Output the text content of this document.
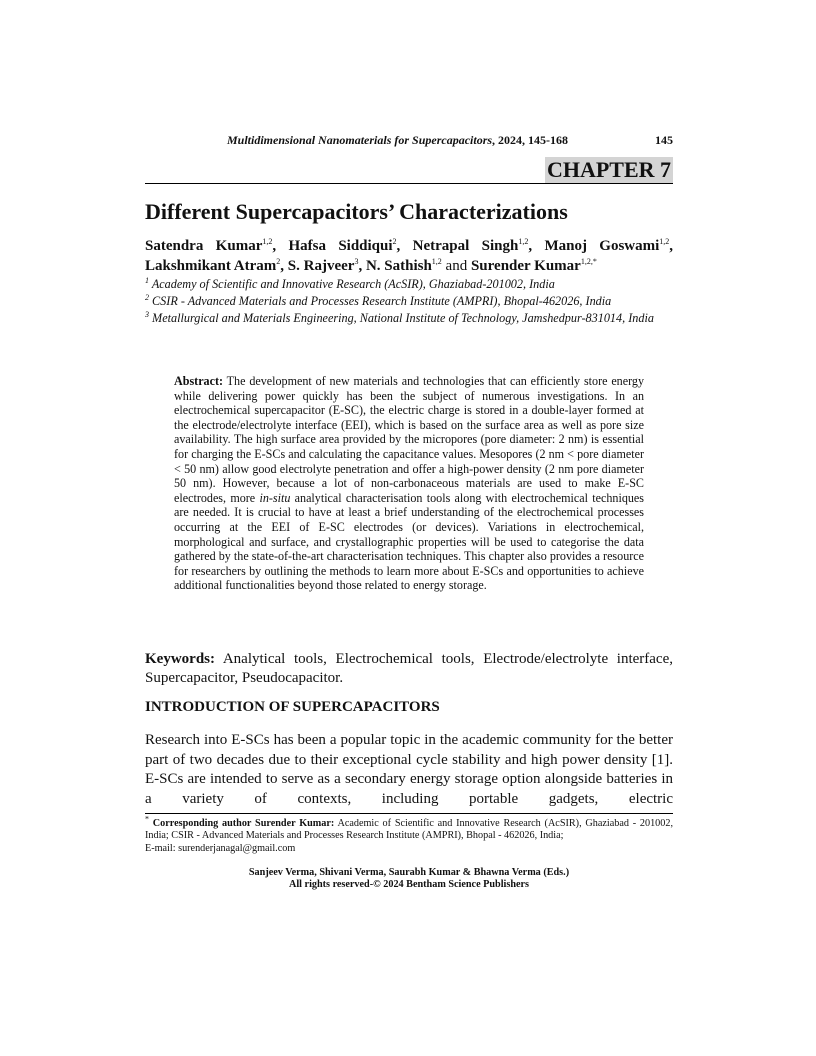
Multidimensional Nanomaterials for Supercapacitors, 2024, 145-168	145
CHAPTER 7
Different Supercapacitors’ Characterizations
Satendra Kumar$^{1,2}$, Hafsa Siddiqui$^2$, Netrapal Singh$^{1,2}$, Manoj Goswami$^{1,2}$, Lakshmikant Atram$^2$, S. Rajveer$^3$, N. Sathish$^{1,2}$ and Surender Kumar$^{1,2,*}$
$^1$ Academy of Scientific and Innovative Research (AcSIR), Ghaziabad-201002, India
$^2$ CSIR - Advanced Materials and Processes Research Institute (AMPRI), Bhopal-462026, India
$^3$ Metallurgical and Materials Engineering, National Institute of Technology, Jamshedpur-831014, India
Abstract: The development of new materials and technologies that can efficiently store energy while delivering power quickly has been the subject of numerous investigations. In an electrochemical supercapacitor (E-SC), the electric charge is stored in a double-layer formed at the electrode/electrolyte interface (EEI), which is based on the surface area as well as pore size availability. The high surface area provided by the micropores (pore diameter: 2 nm) is essential for charging the E-SCs and calculating the capacitance values. Mesopores (2 nm < pore diameter < 50 nm) allow good electrolyte penetration and offer a high-power density (2 nm pore diameter 50 nm). However, because a lot of non-carbonaceous materials are used to make E-SC electrodes, more in-situ analytical characterisation tools along with electrochemical techniques are needed. It is crucial to have at least a brief understanding of the electrochemical processes occurring at the EEI of E-SC electrodes (or devices). Variations in electrochemical, morphological and surface, and crystallographic properties will be used to categorise the data gathered by the state-of-the-art characterisation techniques. This chapter also provides a resource for researchers by outlining the methods to learn more about E-SCs and opportunities to achieve additional functionalities beyond those related to energy storage.
Keywords: Analytical tools, Electrochemical tools, Electrode/electrolyte interface, Supercapacitor, Pseudocapacitor.
INTRODUCTION OF SUPERCAPACITORS
Research into E-SCs has been a popular topic in the academic community for the better part of two decades due to their exceptional cycle stability and high power density [1]. E-SCs are intended to serve as a secondary energy storage option alongside batteries in a variety of contexts, including portable gadgets, electric
* Corresponding author Surender Kumar: Academic of Scientific and Innovative Research (AcSIR), Ghaziabad - 201002, India; CSIR - Advanced Materials and Processes Research Institute (AMPRI), Bhopal - 462026, India;
E-mail: surenderjanagal@gmail.com
Sanjeev Verma, Shivani Verma, Saurabh Kumar & Bhawna Verma (Eds.)
All rights reserved-© 2024 Bentham Science Publishers
